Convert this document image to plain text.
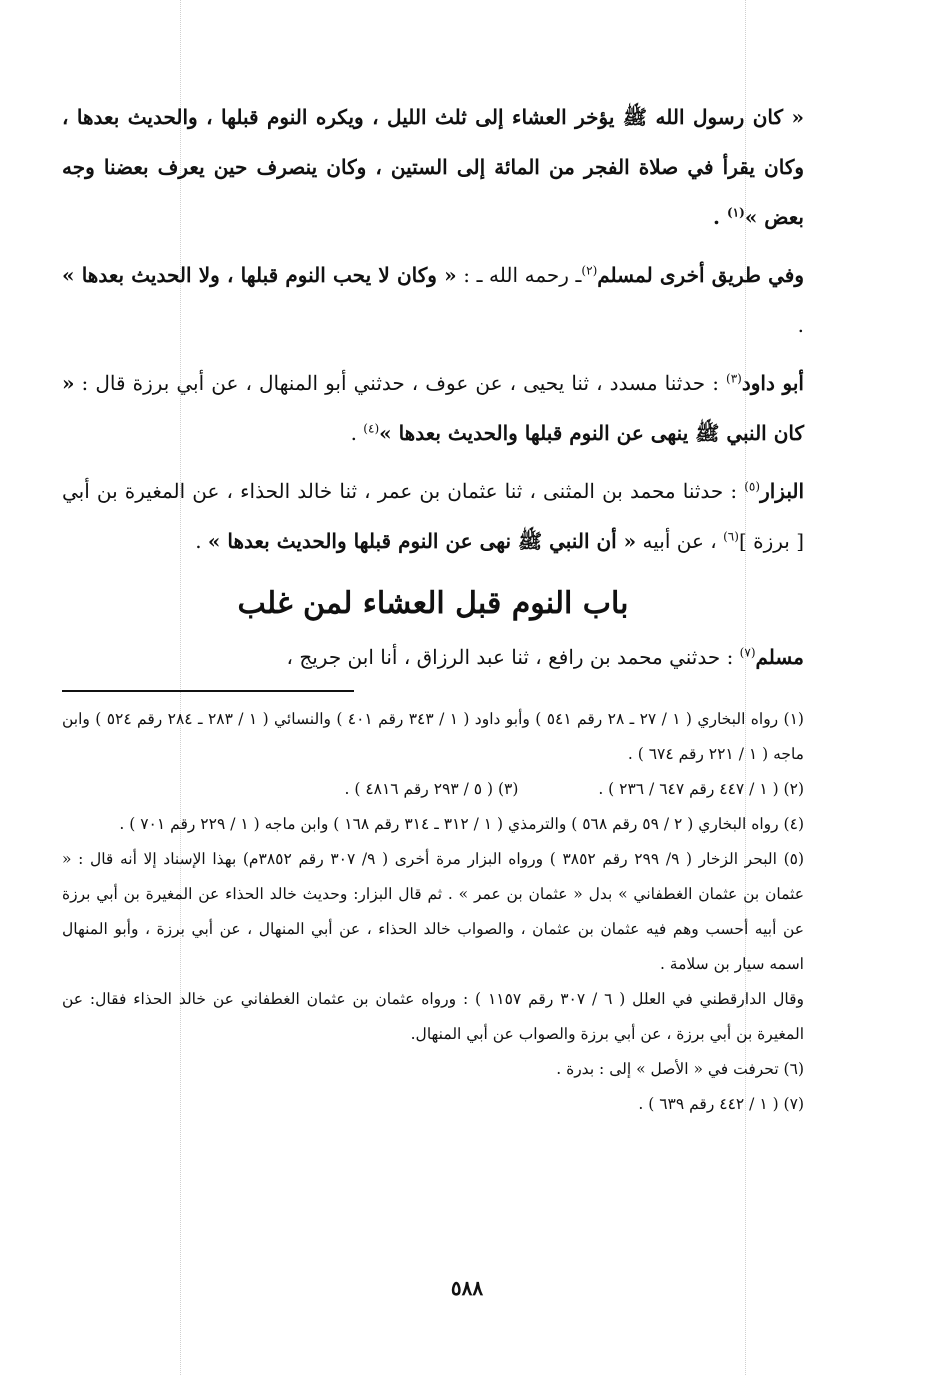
« كان رسول الله ﷺ يؤخر العشاء إلى ثلث الليل ، ويكره النوم قبلها ، والحديث بعدها ، وكان يقرأ في صلاة الفجر من المائة إلى الستين ، وكان ينصرف حين يعرف بعضنا وجه بعض »$^{(١)}$ .

وفي طريق أخرى لمسلم$^{(٢)}$ـ رحمه الله ـ : « وكان لا يحب النوم قبلها ، ولا الحديث بعدها » .

أبو داود$^{(٣)}$ : حدثنا مسدد ، ثنا يحيى ، عن عوف ، حدثني أبو المنهال ، عن أبي برزة قال : « كان النبي ﷺ ينهى عن النوم قبلها والحديث بعدها »$^{(٤)}$ .

البزار$^{(٥)}$ : حدثنا محمد بن المثنى ، ثنا عثمان بن عمر ، ثنا خالد الحذاء ، عن المغيرة بن أبي [ برزة ]$^{(٦)}$ ، عن أبيه « أن النبي ﷺ نهى عن النوم قبلها والحديث بعدها » .

باب النوم قبل العشاء لمن غلب

مسلم$^{(٧)}$ : حدثني محمد بن رافع ، ثنا عبد الرزاق ، أنا ابن جريج ،

(١) رواه البخاري ( ١ / ٢٧ ـ ٢٨ رقم ٥٤١ ) وأبو داود ( ١ / ٣٤٣ رقم ٤٠١ ) والنسائي ( ١ / ٢٨٣ ـ ٢٨٤ رقم ٥٢٤ ) وابن ماجه ( ١ / ٢٢١ رقم ٦٧٤ ) .

(٢) ( ١ / ٤٤٧ رقم ٦٤٧ / ٢٣٦ ) .  (٣) ( ٥ / ٢٩٣ رقم ٤٨١٦ ) .

(٤) رواه البخاري ( ٢ / ٥٩ رقم ٥٦٨ ) والترمذي ( ١ / ٣١٢ ـ ٣١٤ رقم ١٦٨ ) وابن ماجه ( ١ / ٢٢٩ رقم ٧٠١ ) .

(٥) البحر الزخار ( ٩/ ٢٩٩ رقم ٣٨٥٢ ) ورواه البزار مرة أخرى ( ٩/ ٣٠٧ رقم ٣٨٥٢م) بهذا الإسناد إلا أنه قال : « عثمان بن عثمان الغطفاني » بدل « عثمان بن عمر » . ثم قال البزار: وحديث خالد الحذاء عن المغيرة بن أبي برزة عن أبيه أحسب وهم فيه عثمان بن عثمان ، والصواب خالد الحذاء ، عن أبي المنهال ، عن أبي برزة ، وأبو المنهال اسمه سيار بن سلامة .

وقال الدارقطني في العلل ( ٦ / ٣٠٧ رقم ١١٥٧ ) : ورواه عثمان بن عثمان الغطفاني عن خالد الحذاء فقال: عن المغيرة بن أبي برزة ، عن أبي برزة والصواب عن أبي المنهال.

(٦) تحرفت في « الأصل » إلى : بدرة .

(٧) ( ١ / ٤٤٢ رقم ٦٣٩ ) .

٥٨٨
